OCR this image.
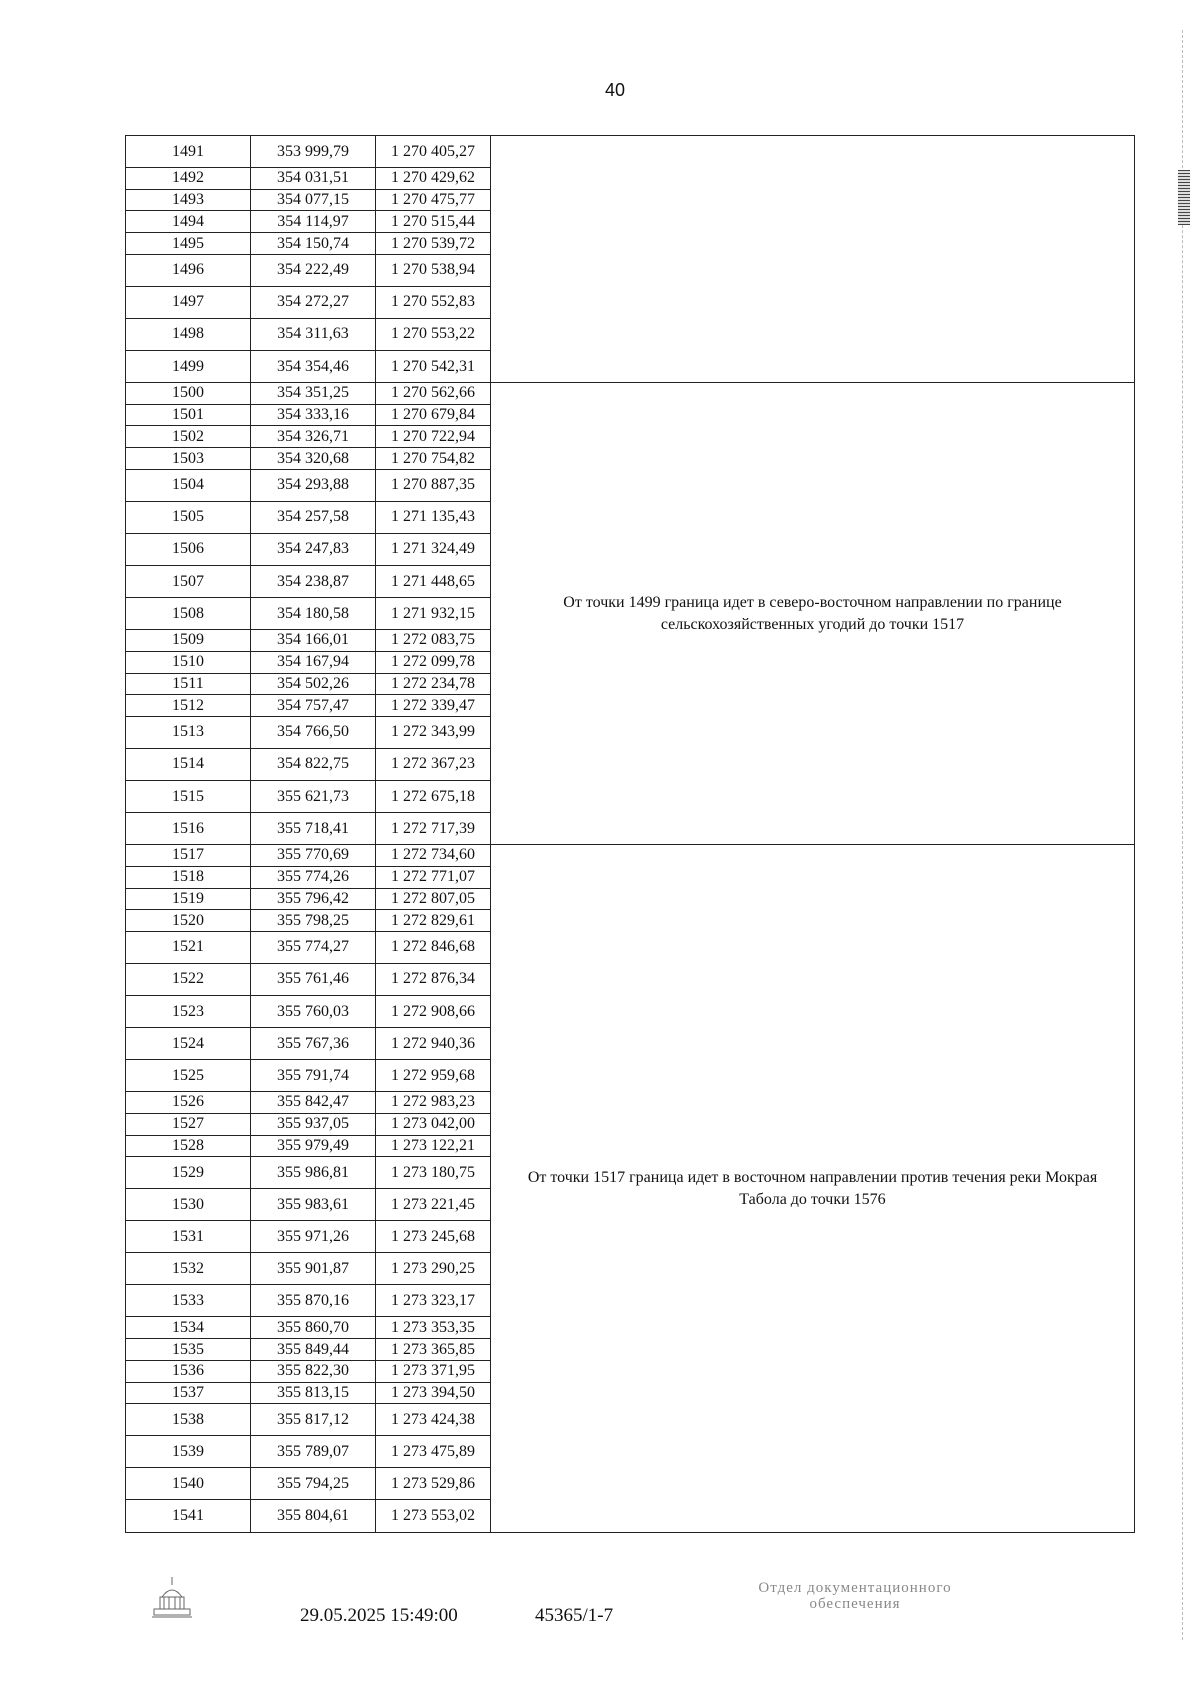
40
1491	353 999,79	1 270 405,27	
1492	354 031,51	1 270 429,62	
1493	354 077,15	1 270 475,77	
1494	354 114,97	1 270 515,44	
1495	354 150,74	1 270 539,72	
1496	354 222,49	1 270 538,94	
1497	354 272,27	1 270 552,83	
1498	354 311,63	1 270 553,22	
1499	354 354,46	1 270 542,31	
1500	354 351,25	1 270 562,66	От точки 1499 граница идет в северо-восточном направлении по границе сельскохозяйственных угодий до точки 1517
1501	354 333,16	1 270 679,84	
1502	354 326,71	1 270 722,94	
1503	354 320,68	1 270 754,82	
1504	354 293,88	1 270 887,35	
1505	354 257,58	1 271 135,43	
1506	354 247,83	1 271 324,49	
1507	354 238,87	1 271 448,65	
1508	354 180,58	1 271 932,15	
1509	354 166,01	1 272 083,75	
1510	354 167,94	1 272 099,78	
1511	354 502,26	1 272 234,78	
1512	354 757,47	1 272 339,47	
1513	354 766,50	1 272 343,99	
1514	354 822,75	1 272 367,23	
1515	355 621,73	1 272 675,18	
1516	355 718,41	1 272 717,39	
1517	355 770,69	1 272 734,60	От точки 1517 граница идет в восточном направлении против течения реки Мокрая Табола до точки 1576
1518	355 774,26	1 272 771,07	
1519	355 796,42	1 272 807,05	
1520	355 798,25	1 272 829,61	
1521	355 774,27	1 272 846,68	
1522	355 761,46	1 272 876,34	
1523	355 760,03	1 272 908,66	
1524	355 767,36	1 272 940,36	
1525	355 791,74	1 272 959,68	
1526	355 842,47	1 272 983,23	
1527	355 937,05	1 273 042,00	
1528	355 979,49	1 273 122,21	
1529	355 986,81	1 273 180,75	
1530	355 983,61	1 273 221,45	
1531	355 971,26	1 273 245,68	
1532	355 901,87	1 273 290,25	
1533	355 870,16	1 273 323,17	
1534	355 860,70	1 273 353,35	
1535	355 849,44	1 273 365,85	
1536	355 822,30	1 273 371,95	
1537	355 813,15	1 273 394,50	
1538	355 817,12	1 273 424,38	
1539	355 789,07	1 273 475,89	
1540	355 794,25	1 273 529,86	
1541	355 804,61	1 273 553,02	
29.05.2025 15:49:00	45365/1-7
Отдел документационного
обеспечения
